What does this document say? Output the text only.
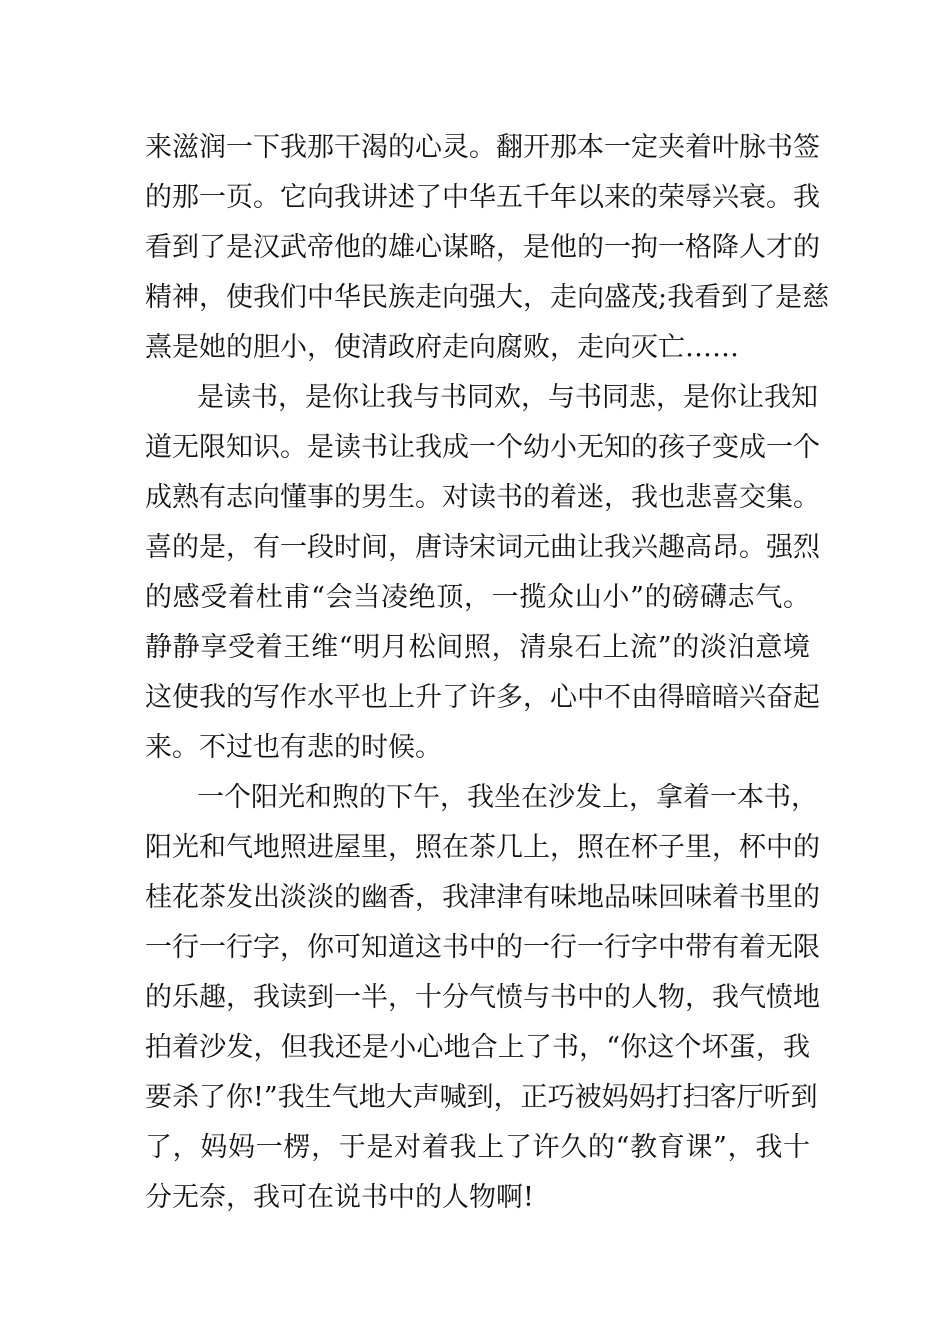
来滋润一下我那干渴的心灵。翻开那本一定夹着叶脉书签
的那一页。它向我讲述了中华五千年以来的荣辱兴衰。我
看到了是汉武帝他的雄心谋略，是他的一拘一格降人才的
精神，使我们中华民族走向强大，走向盛茂;我看到了是慈
熹是她的胆小，使清政府走向腐败，走向灭亡……
是读书，是你让我与书同欢，与书同悲，是你让我知
道无限知识。是读书让我成一个幼小无知的孩子变成一个
成熟有志向懂事的男生。对读书的着迷，我也悲喜交集。
喜的是，有一段时间，唐诗宋词元曲让我兴趣高昂。强烈
的感受着杜甫“会当凌绝顶，一揽众山小”的磅礴志气。
静静享受着王维“明月松间照，清泉石上流”的淡泊意境
这使我的写作水平也上升了许多，心中不由得暗暗兴奋起
来。不过也有悲的时候。
一个阳光和煦的下午，我坐在沙发上，拿着一本书，
阳光和气地照进屋里，照在茶几上，照在杯子里，杯中的
桂花茶发出淡淡的幽香，我津津有味地品味回味着书里的
一行一行字，你可知道这书中的一行一行字中带有着无限
的乐趣，我读到一半，十分气愤与书中的人物，我气愤地
拍着沙发，但我还是小心地合上了书，“你这个坏蛋，我
要杀了你!”我生气地大声喊到，正巧被妈妈打扫客厅听到
了，妈妈一楞，于是对着我上了许久的“教育课”，我十
分无奈，我可在说书中的人物啊!
